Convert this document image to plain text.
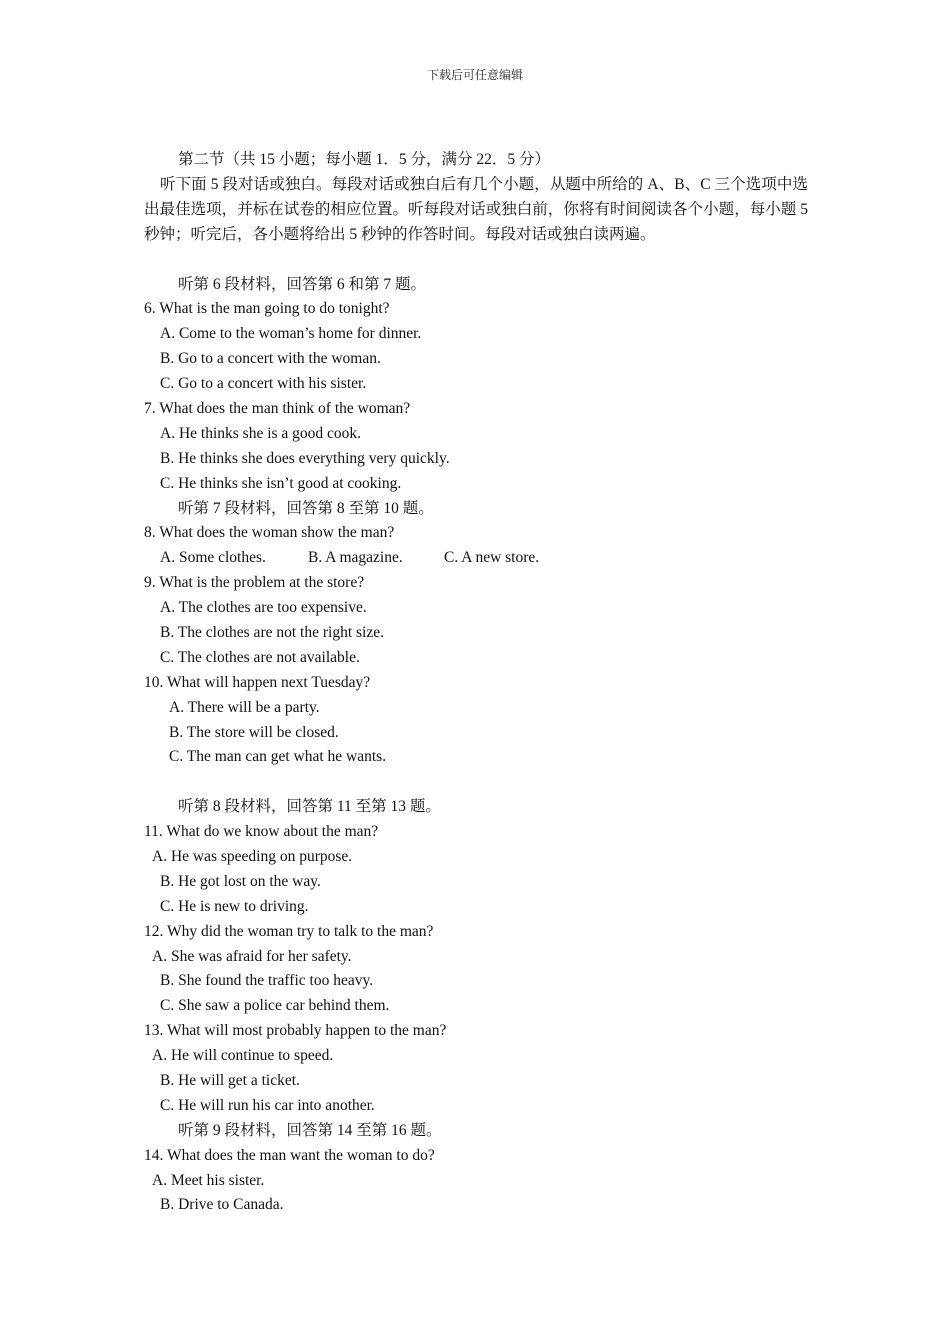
下载后可任意编辑
第二节（共 15 小题；每小题 1．5 分，满分 22．5 分）
听下面 5 段对话或独白。每段对话或独白后有几个小题，从题中所给的 A、B、C 三个选项中选出最佳选项，并标在试卷的相应位置。听每段对话或独白前，你将有时间阅读各个小题，每小题 5 秒钟；听完后，各小题将给出 5 秒钟的作答时间。每段对话或独白读两遍。
听第 6 段材料，回答第 6 和第 7 题。
6. What is the man going to do tonight?
A. Come to the woman’s home for dinner.
B. Go to a concert with the woman.
C. Go to a concert with his sister.
7. What does the man think of the woman?
A. He thinks she is a good cook.
B. He thinks she does everything very quickly.
C. He thinks she isn’t good at cooking.
听第 7 段材料，回答第 8 至第 10 题。
8. What does the woman show the man?
A. Some clothes.	B. A magazine.	C. A new store.
9. What is the problem at the store?
A. The clothes are too expensive.
B. The clothes are not the right size.
C. The clothes are not available.
10. What will happen next Tuesday?
A. There will be a party.
B. The store will be closed.
C. The man can get what he wants.
听第 8 段材料，回答第 11 至第 13 题。
11. What do we know about the man?
A. He was speeding on purpose.
B. He got lost on the way.
C. He is new to driving.
12. Why did the woman try to talk to the man?
A. She was afraid for her safety.
B. She found the traffic too heavy.
C. She saw a police car behind them.
13. What will most probably happen to the man?
A. He will continue to speed.
B. He will get a ticket.
C. He will run his car into another.
听第 9 段材料，回答第 14 至第 16 题。
14. What does the man want the woman to do?
A. Meet his sister.
B. Drive to Canada.
